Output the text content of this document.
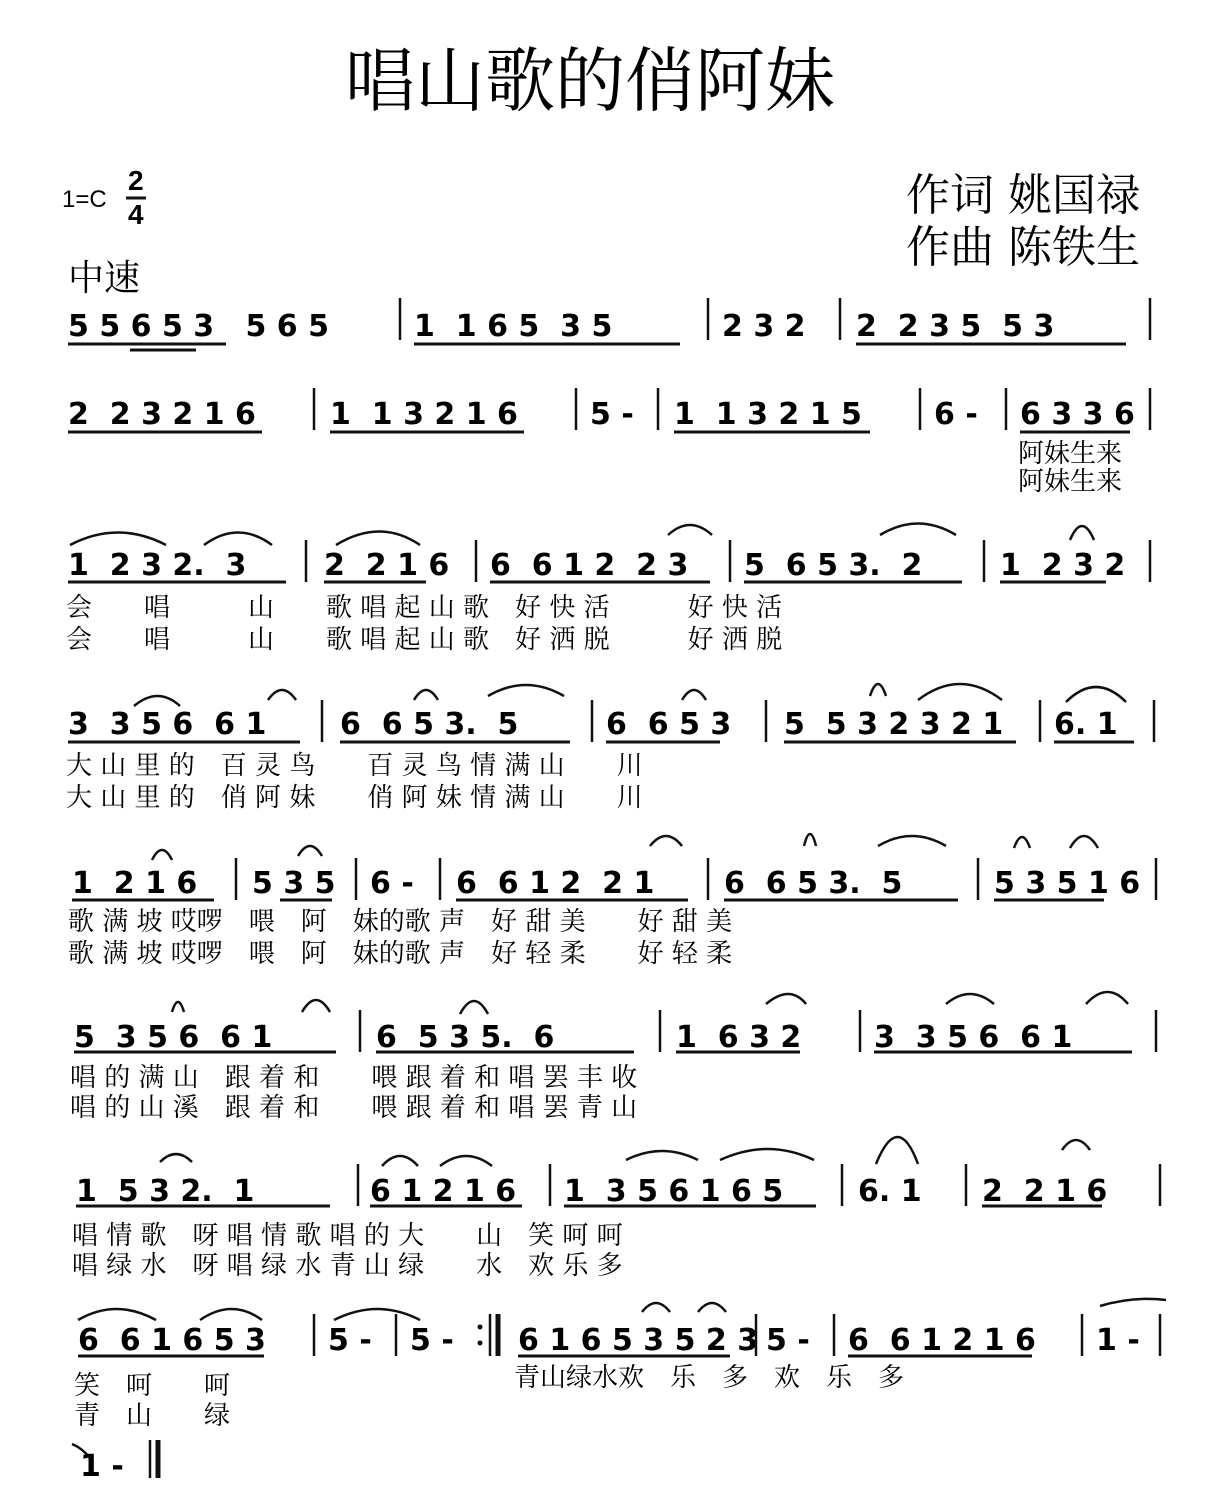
唱山歌的俏阿妹
1=C
2
4
中速
作词 姚国禄
作曲 陈铁生
5 5 6 5 3   5 6 5	1  1 6 5  3 5	2 3 2 2  2 3 5  5 3
2  2 3 2 1 6 1  1 3 2 1 6 5 - 1  1 3 2 1 5 6 - 6 3 3 6
阿妹生来
阿妹生来
1  2 3 2.  3	2  2 1 6 6  6 1 2  2 3 5  6 5 3.  2	1  2 3 2
会　　唱　　　山　　歌 唱 起 山 歌　好 快 活　　　好 快 活
会　　唱　　　山　　歌 唱 起 山 歌　好 洒 脱　　　好 洒 脱
3  3 5 6  6 1 6  6 5 3.  5	6  6 5 3 5  5 3 2 3 2 1 6. 1
大 山 里 的　百 灵 鸟　　百 灵 鸟 情 满 山　　川
大 山 里 的　俏 阿 妹　　俏 阿 妹 情 满 山　　川
1  2 1 6 5 3 5 6 - 6  6 1 2  2 1 6  6 5 3.  5	5 3 5 1 6
歌 满 坡 哎啰　喂　阿　妹的歌 声　好 甜 美　　好 甜 美
歌 满 坡 哎啰　喂　阿　妹的歌 声　好 轻 柔　　好 轻 柔
5  3 5 6  6 1	6  5 3 5.  6	1  6 3 2 3  3 5 6  6 1
唱 的 满 山　跟 着 和　　喂 跟 着 和 唱 罢 丰 收
唱 的 山 溪　跟 着 和　　喂 跟 着 和 唱 罢 青 山
1  5 3 2.  1	6 1 2 1 6 1  3 5 6 1 6 5 6. 1 2  2 1 6
唱 情 歌　呀 唱 情 歌 唱 的 大　　山　笑 呵 呵
唱 绿 水　呀 唱 绿 水 青 山 绿　　水　欢 乐 多
6  6 1 6 5 3 5 - 5 - 6 1 6 5 3 5 2 3 5 - 6  6 1 2 1 6 1 -
笑　呵　　呵	青山绿水欢　乐　多　欢　乐　多
青　山　　绿
1 -
